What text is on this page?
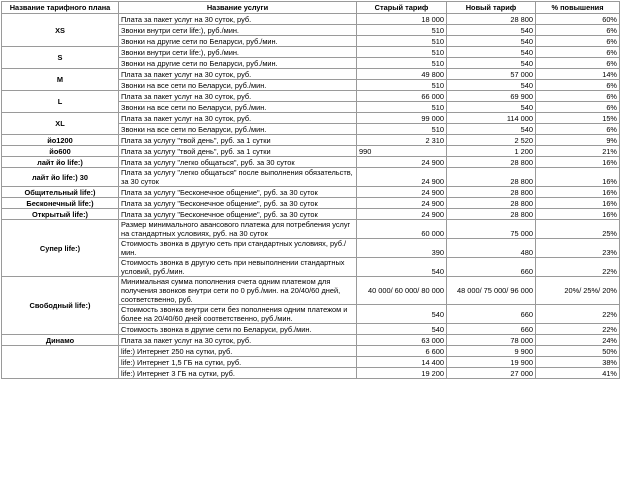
Название тарифного плана	Название услуги	Старый тариф	Новый тариф	% повышения
XS	Плата за пакет услуг на 30 суток, руб.	18 000	28 800	60%
	Звонки внутри сети life:), руб./мин.	510	540	6%
	Звонки на другие сети по Беларуси, руб./мин.	510	540	6%
S	Звонки внутри сети life:), руб./мин.	510	540	6%
	Звонки на другие сети по Беларуси, руб./мин.	510	540	6%
M	Плата за пакет услуг на 30 суток, руб.	49 800	57 000	14%
	Звонки на все сети по Беларуси, руб./мин.	510	540	6%
L	Плата за пакет услуг на 30 суток, руб.	66 000	69 900	6%
	Звонки на все сети по Беларуси, руб./мин.	510	540	6%
XL	Плата за пакет услуг на 30 суток, руб.	99 000	114 000	15%
	Звонки на все сети по Беларуси, руб./мин.	510	540	6%
йо1200	Плата за услугу "твой день", руб. за 1 сутки	2 310	2 520	9%
йо600	Плата за услугу "твой день", руб. за 1 сутки	990	1 200	21%
лайт йо life:)	Плата за услугу "легко общаться", руб. за 30 суток	24 900	28 800	16%
лайт йо life:) 30	Плата за услугу "легко общаться" после выполнения обязательств, за 30 суток	24 900	28 800	16%
Общительный life:)	Плата за услугу "Бесконечное общение", руб. за 30 суток	24 900	28 800	16%
Бесконечный life:)	Плата за услугу "Бесконечное общение", руб. за 30 суток	24 900	28 800	16%
Открытый life:)	Плата за услугу "Бесконечное общение", руб. за 30 суток	24 900	28 800	16%
Супер life:)	Размер минимального авансового платежа для потребления услуг на стандартных условиях, руб. на 30 суток	60 000	75 000	25%
	Стоимость звонка в другую сеть при стандартных условиях, руб./мин.	390	480	23%
	Стоимость звонка в другую сеть при невыполнении стандартных условий, руб./мин.	540	660	22%
Свободный life:)	Минимальная сумма пополнения счета одним платежом для получения звонков внутри сети по 0 руб./мин. на 20/40/60 дней, соответственно, руб.	40 000/ 60 000/ 80 000	48 000/ 75 000/ 96 000	20%/ 25%/ 20%
	Стоимость звонка внутри сети без пополнения одним платежом и более на 20/40/60 дней соответственно, руб./мин.	540	660	22%
	Стоимость звонка в другие сети по Беларуси, руб./мин.	540	660	22%
Динамо	Плата за пакет услуг на 30 суток, руб.	63 000	78 000	24%
	life:) Интернет 250 на сутки, руб.	6 600	9 900	50%
	life:) Интернет 1,5 ГБ на сутки, руб.	14 400	19 900	38%
	life:) Интернет 3 ГБ на сутки, руб.	19 200	27 000	41%
